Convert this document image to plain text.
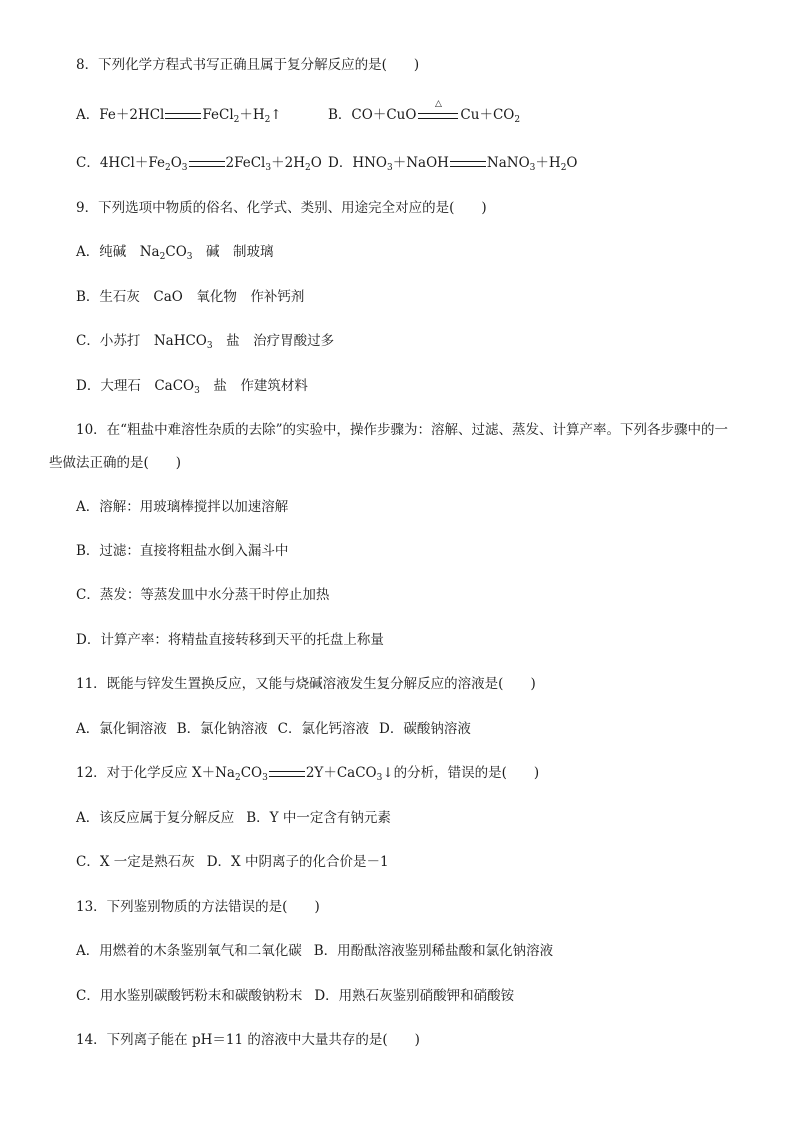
8．下列化学方程式书写正确且属于复分解反应的是(　　)
A．Fe＋2HCl	$FeCl_2+H_2↑$	B．CO＋CuO
△
$Cu+CO_2$
C．$4HCl+Fe_2O_3$	$2FeCl_3+2H_2O$ D．$HNO_3+NaOH$	$NaNO_3+H_2O$
9．下列选项中物质的俗名、化学式、类别、用途完全对应的是(　　)
A．纯碱　$Na_2CO_3$　碱　制玻璃
B．生石灰　CaO　氧化物　作补钙剂
C．小苏打　NaHCO$_3$　盐　治疗胃酸过多
D．大理石　CaCO$_3$　盐　作建筑材料
10．在“粗盐中难溶性杂质的去除”的实验中，操作步骤为：溶解、过滤、蒸发、计算产率。下列各步骤中的一
些做法正确的是(　　)
A．溶解：用玻璃棒搅拌以加速溶解
B．过滤：直接将粗盐水倒入漏斗中
C．蒸发：等蒸发皿中水分蒸干时停止加热
D．计算产率：将精盐直接转移到天平的托盘上称量
11．既能与锌发生置换反应，又能与烧碱溶液发生复分解反应的溶液是(　　)
A．氯化铜溶液 B．氯化钠溶液 C．氯化钙溶液 D．碳酸钠溶液
12．对于化学反应 $X+Na_2CO_3$	2Y＋CaCO$_3$↓的分析，错误的是(　　)
A．该反应属于复分解反应 B．Y 中一定含有钠元素
C．X 一定是熟石灰 D．X 中阴离子的化合价是－1
13．下列鉴别物质的方法错误的是(　　)
A．用燃着的木条鉴别氧气和二氧化碳 B．用酚酞溶液鉴别稀盐酸和氯化钠溶液
C．用水鉴别碳酸钙粉末和碳酸钠粉末 D．用熟石灰鉴别硝酸钾和硝酸铵
14．下列离子能在 pH＝11 的溶液中大量共存的是(　　)
